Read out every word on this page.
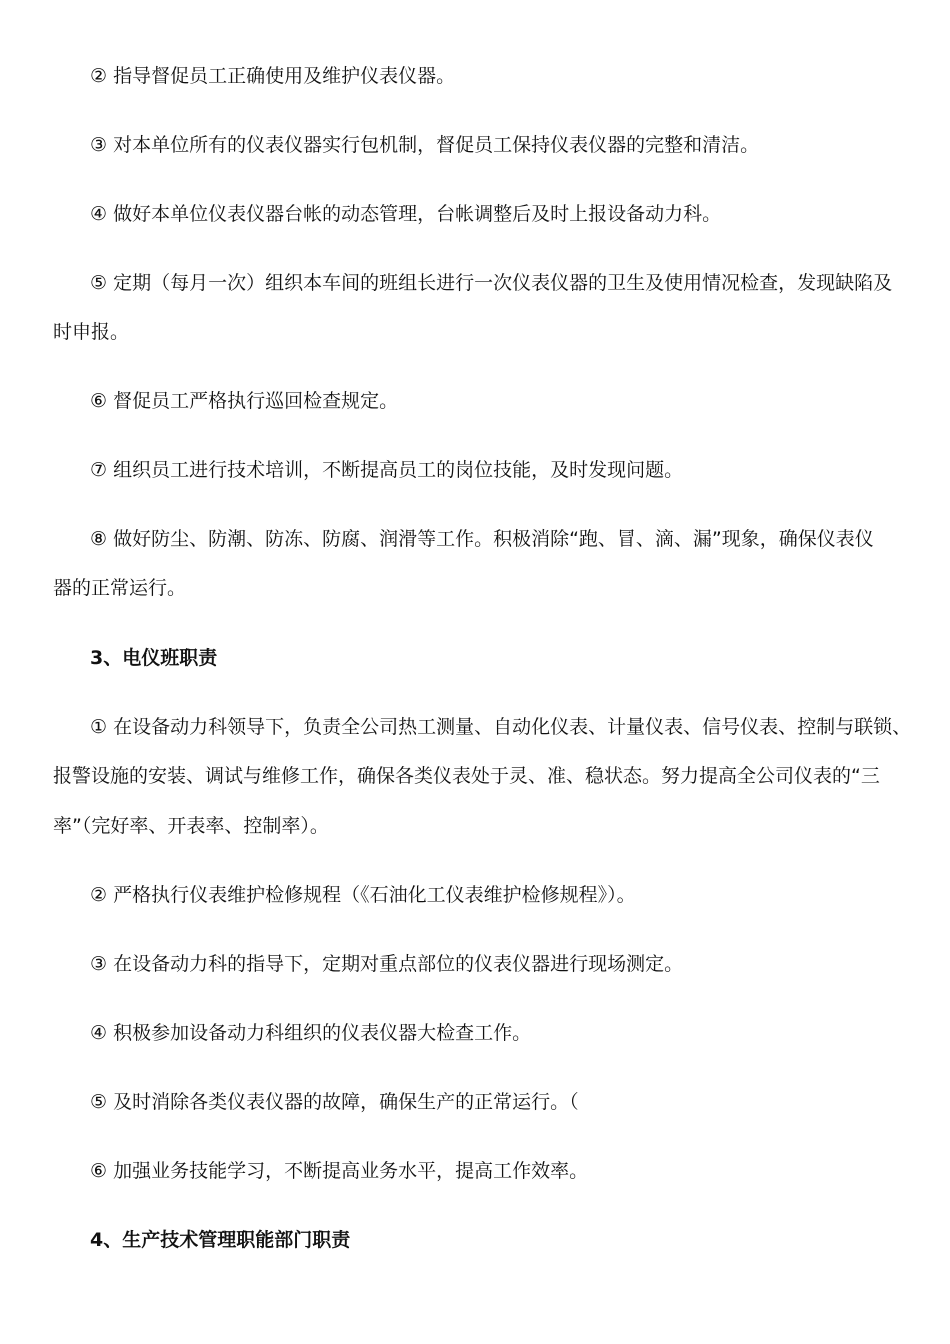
② 指导督促员工正确使用及维护仪表仪器。
③ 对本单位所有的仪表仪器实行包机制，督促员工保持仪表仪器的完整和清洁。
④ 做好本单位仪表仪器台帐的动态管理，台帐调整后及时上报设备动力科。
⑤ 定期（每月一次）组织本车间的班组长进行一次仪表仪器的卫生及使用情况检查，发现缺陷及
时申报。
⑥ 督促员工严格执行巡回检查规定。
⑦ 组织员工进行技术培训，不断提高员工的岗位技能，及时发现问题。
⑧ 做好防尘、防潮、防冻、防腐、润滑等工作。积极消除“跑、冒、滴、漏”现象，确保仪表仪
器的正常运行。
3、电仪班职责
① 在设备动力科领导下，负责全公司热工测量、自动化仪表、计量仪表、信号仪表、控制与联锁、
报警设施的安装、调试与维修工作，确保各类仪表处于灵、准、稳状态。努力提高全公司仪表的“三
率”（完好率、开表率、控制率）。
② 严格执行仪表维护检修规程（《石油化工仪表维护检修规程》）。
③ 在设备动力科的指导下，定期对重点部位的仪表仪器进行现场测定。
④ 积极参加设备动力科组织的仪表仪器大检查工作。
⑤ 及时消除各类仪表仪器的故障，确保生产的正常运行。（
⑥ 加强业务技能学习，不断提高业务水平，提高工作效率。
4、生产技术管理职能部门职责
